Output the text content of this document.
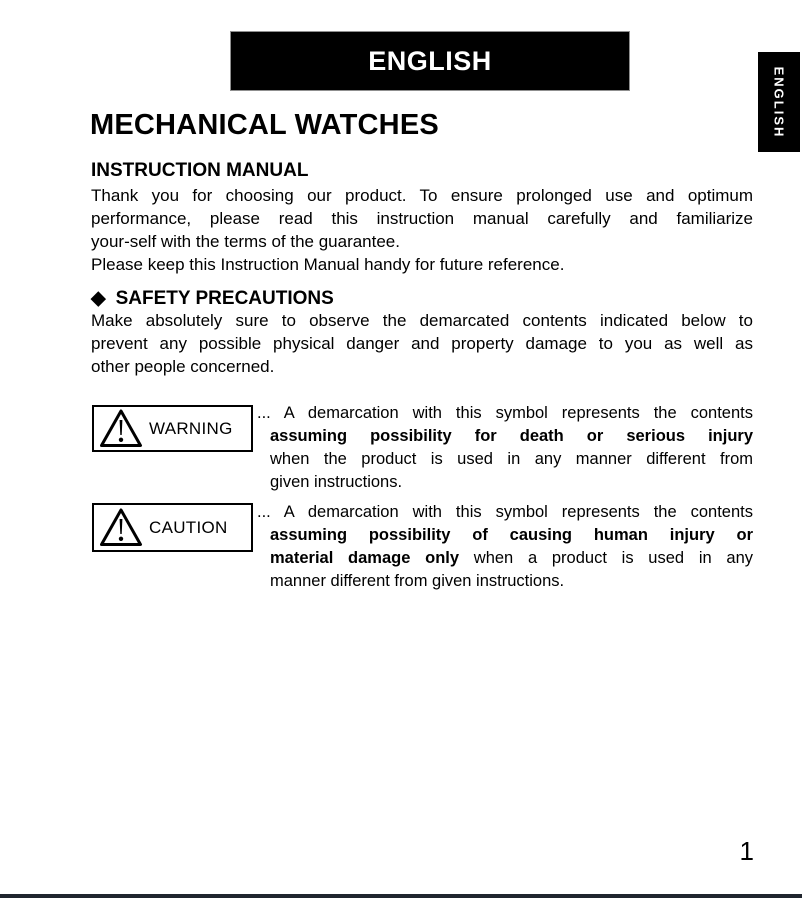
ENGLISH
ENGLISH
MECHANICAL WATCHES
INSTRUCTION MANUAL
Thank you for choosing our product. To ensure prolonged use and optimum
performance, please read this instruction manual carefully and familiarize
your-self with the terms of the guarantee.
Please keep this Instruction Manual handy for future reference.
◆ SAFETY PRECAUTIONS
Make absolutely sure to observe the demarcated contents indicated below to
prevent any possible physical danger and property damage to you as well as
other people concerned.
WARNING
... A demarcation with this symbol represents the contents
assuming possibility for death or serious injury
when the product is used in any manner different from
given instructions.
CAUTION
... A demarcation with this symbol represents the contents
assuming possibility of causing human injury or
material damage only when a product is used in any
manner different from given instructions.
1
